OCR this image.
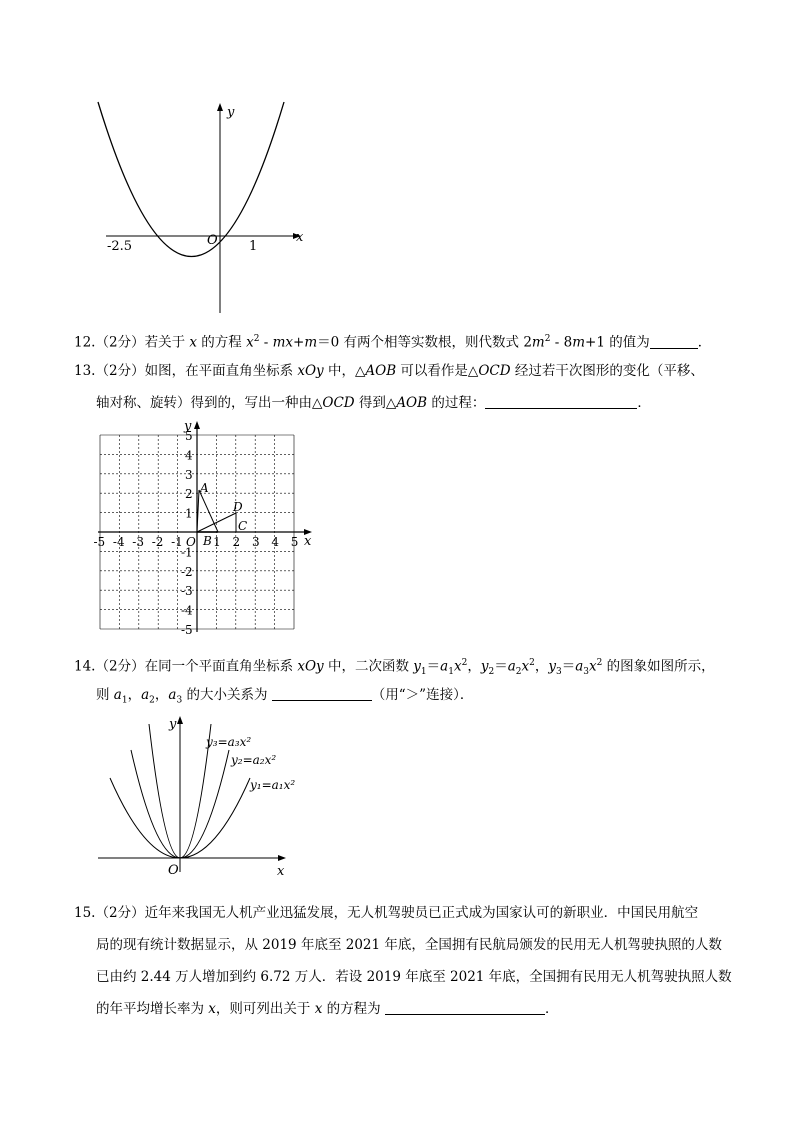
y
x
O
-2.5	1
12.（2分）若关于 x 的方程 $x^2 - mx+m=0$ 有两个相等实数根，则代数式 $2m^2 - 8m+1$ 的值为	．
13.（2分）如图，在平面直角坐标系 xOy 中，△AOB 可以看作是△OCD 经过若干次图形的变化（平移、
轴对称、旋转）得到的，写出一种由△OCD 得到△AOB 的过程：	．
x
y
A
B
C
D
-5 -4 -3 -2 -1	1 2 3 4 5
O
1
2
3
4
5
-1
-2
-3
-4
-5
14.（2分）在同一个平面直角坐标系 xOy 中，二次函数 $y_1=a_1x^2$，$y_2=a_2x^2$，$y_3=a_3x^2$ 的图象如图所示，
则 $a_1$，$a_2$，$a_3$ 的大小关系为	（用“＞”连接）．
y
x
O
y₃=a₃x²
y₂=a₂x²
y₁=a₁x²
15.（2分）近年来我国无人机产业迅猛发展，无人机驾驶员已正式成为国家认可的新职业．中国民用航空
局的现有统计数据显示，从 2019 年底至 2021 年底，全国拥有民航局颁发的民用无人机驾驶执照的人数
已由约 2.44 万人增加到约 6.72 万人．若设 2019 年底至 2021 年底，全国拥有民用无人机驾驶执照人数
的年平均增长率为 x，则可列出关于 x 的方程为	．
